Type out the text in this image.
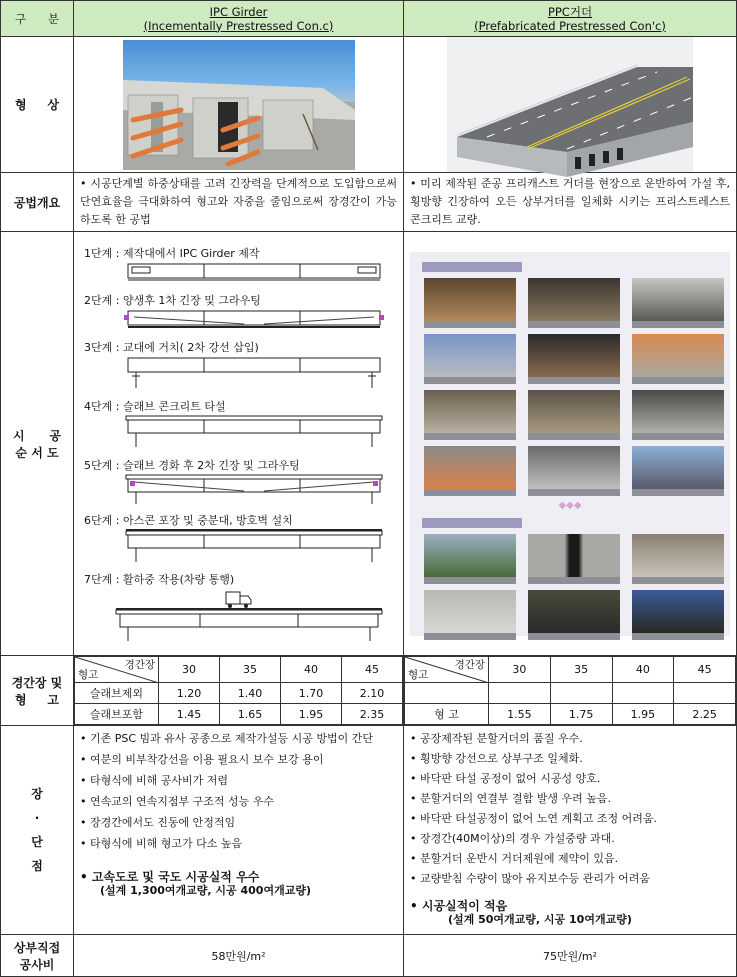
구 분	IPC Girder
(Incementally Prestressed Con.c)

PPC거더
(Prefabricated Prestressed Con'c)

형 상

공법개요	
• 시공단계별 하중상태를 고려 긴장력을 단계적으로 도입함으로써 단연효율을 극대화하여 형고와 자중을 줄임으로써 장경간이 가능하도록 한 공법

• 미리 제작된 준공 프리캐스트 거더를 현장으로 운반하여 가설 후, 횡방향 긴장하여 오든 상부거더를 일체화 시키는 프리스트레스트 콘크리트 교량.

시 공
순 서 도

1단계 : 제작대에서 IPC Girder 제작
2단계 : 양생후 1차 긴장 및 그라우팅
3단계 : 교대에 거치( 2차 강선 삽입)
4단계 : 슬래브 콘크리트 타설
5단계 : 슬래브 경화 후 2차 긴장 및 그라우팅
6단계 : 아스콘 포장 및 중분대, 방호벽 설치
7단계 : 활하중 작용(차량 통행)

◆◆◆

경간장 및
형 고

경간장
형고	30	35	40	45
슬래브제외	1.20	1.40	1.70	2.10
슬래브포함	1.45	1.65	1.95	2.35

경간장
형고	30	35	40	45

형 고	1.55	1.75	1.95	2.25

장
·
단
점

• 기존 PSC 빔과 유사 공종으로 제작가설등 시공 방법이 간단
• 여분의 비부착강선을 이용 필요시 보수 보강 용이
• 타형식에 비해 공사비가 저렴
• 연속교의 연속지점부 구조적 성능 우수
• 장경간에서도 진동에 안정적임
• 타형식에 비해 형고가 다소 높음
• 고속도로 및 국도 시공실적 우수
(설계 1,300여개교량, 시공 400여개교량)

• 공장제작된 분할거더의 품질 우수.
• 횡방향 강선으로 상부구조 일체화.
• 바닥판 타설 공정이 없어 시공성 양호.
• 분할거더의 연결부 결함 발생 우려 높음.
• 바닥판 타설공정이 없어 노연 계획고 조정 어려움.
• 장경간(40M이상)의 경우 가설중량 과대.
• 분할거더 운반시 거더제원에 제약이 있음.
• 교량받침 수량이 많아 유지보수등 관리가 어려움
• 시공실적이 적음
(설계 50여개교량, 시공 10여개교량)

상부직접
공사비
	58만원/m²	75만원/m²
